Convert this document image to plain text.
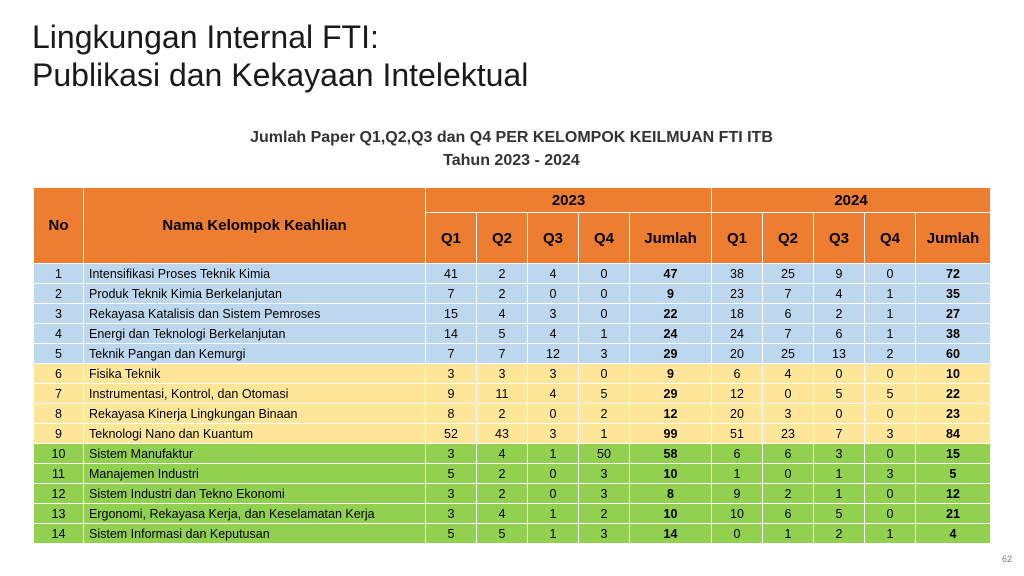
Lingkungan Internal FTI:
Publikasi dan Kekayaan Intelektual
Jumlah Paper Q1,Q2,Q3 dan Q4 PER KELOMPOK KEILMUAN FTI ITB
Tahun 2023 - 2024
No	Nama Kelompok Keahlian	2023					2024				
		Q1	Q2	Q3	Q4	Jumlah	Q1	Q2	Q3	Q4	Jumlah
1	Intensifikasi Proses Teknik Kimia	41	2	4	0	47	38	25	9	0	72
2	Produk Teknik Kimia Berkelanjutan	7	2	0	0	9	23	7	4	1	35
3	Rekayasa Katalisis dan Sistem Pemroses	15	4	3	0	22	18	6	2	1	27
4	Energi dan Teknologi Berkelanjutan	14	5	4	1	24	24	7	6	1	38
5	Teknik Pangan dan Kemurgi	7	7	12	3	29	20	25	13	2	60
6	Fisika Teknik	3	3	3	0	9	6	4	0	0	10
7	Instrumentasi, Kontrol, dan Otomasi	9	11	4	5	29	12	0	5	5	22
8	Rekayasa Kinerja Lingkungan Binaan	8	2	0	2	12	20	3	0	0	23
9	Teknologi Nano dan Kuantum	52	43	3	1	99	51	23	7	3	84
10	Sistem Manufaktur	3	4	1	50	58	6	6	3	0	15
11	Manajemen Industri	5	2	0	3	10	1	0	1	3	5
12	Sistem Industri dan Tekno Ekonomi	3	2	0	3	8	9	2	1	0	12
13	Ergonomi, Rekayasa Kerja, dan Keselamatan Kerja	3	4	1	2	10	10	6	5	0	21
14	Sistem Informasi dan Keputusan	5	5	1	3	14	0	1	2	1	4
62
